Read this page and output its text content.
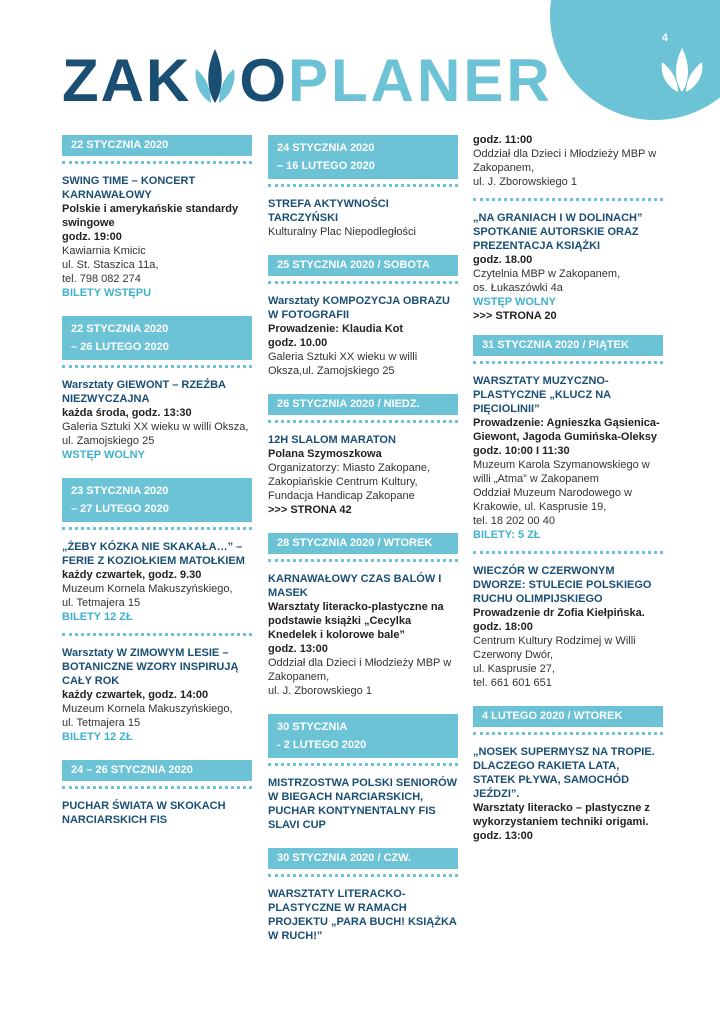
4
ZAK OPLANER
22 STYCZNIA 2020
SWING TIME – KONCERT KARNAWAŁOWY
Polskie i amerykańskie standardy swingowe
godz. 19:00
Kawiarnia Kmicic
ul. St. Staszica 11a,
tel. 798 082 274
BILETY WSTĘPU
22 STYCZNIA 2020
– 26 LUTEGO 2020
Warsztaty GIEWONT – RZEŹBA NIEZWYCZAJNA
każda środa, godz. 13:30
Galeria Sztuki XX wieku w willi Oksza, ul. Zamojskiego 25
WSTĘP WOLNY
23 STYCZNIA 2020
– 27 LUTEGO 2020
„ŻEBY KÓZKA NIE SKAKAŁA…” – FERIE Z KOZIOŁKIEM MATOŁKIEM
każdy czwartek, godz. 9.30
Muzeum Kornela Makuszyńskiego,
ul. Tetmajera 15
BILETY 12 ZŁ
Warsztaty W ZIMOWYM LESIE – BOTANICZNE WZORY INSPIRUJĄ CAŁY ROK
każdy czwartek, godz. 14:00
Muzeum Kornela Makuszyńskiego,
ul. Tetmajera 15
BILETY 12 ZŁ
24 – 26 STYCZNIA 2020
PUCHAR ŚWIATA W SKOKACH NARCIARSKICH FIS
24 STYCZNIA 2020
– 16 LUTEGO 2020
STREFA AKTYWNOŚCI TARCZYŃSKI
Kulturalny Plac Niepodległości
25 STYCZNIA 2020 / SOBOTA
Warsztaty KOMPOZYCJA OBRAZU W FOTOGRAFII
Prowadzenie: Klaudia Kot
godz. 10.00
Galeria Sztuki XX wieku w willi Oksza,ul. Zamojskiego 25
26 STYCZNIA 2020 / NIEDZ.
12H SLALOM MARATON
Polana Szymoszkowa
Organizatorzy: Miasto Zakopane, Zakopiańskie Centrum Kultury, Fundacja Handicap Zakopane
>>> STRONA 42
28 STYCZNIA 2020 / WTOREK
KARNAWAŁOWY CZAS BALÓW I MASEK
Warsztaty literacko-plastyczne na podstawie książki „Cecylka Knedelek i kolorowe bale”
godz. 13:00
Oddział dla Dzieci i Młodzieży MBP w Zakopanem,
ul. J. Zborowskiego 1
30 STYCZNIA
- 2 LUTEGO 2020
MISTRZOSTWA POLSKI SENIORÓW W BIEGACH NARCIARSKICH, PUCHAR KONTYNENTALNY FIS SLAVI CUP
30 STYCZNIA 2020 / CZW.
WARSZTATY LITERACKO-PLASTYCZNE W RAMACH PROJEKTU „PARA BUCH! KSIĄŻKA W RUCH!”
godz. 11:00
Oddział dla Dzieci i Młodzieży MBP w Zakopanem,
ul. J. Zborowskiego 1
„NA GRANIACH I W DOLINACH” SPOTKANIE AUTORSKIE ORAZ PREZENTACJA KSIĄŻKI
godz. 18.00
Czytelnia MBP w Zakopanem,
os. Łukaszówki 4a
WSTĘP WOLNY
>>> STRONA 20
31 STYCZNIA 2020 / PIĄTEK
WARSZTATY MUZYCZNO-PLASTYCZNE „KLUCZ NA PIĘCIOLINII”
Prowadzenie: Agnieszka Gąsienica-Giewont, Jagoda Gumińska-Oleksy
godz. 10:00 I 11:30
Muzeum Karola Szymanowskiego w willi „Atma” w Zakopanem
Oddział Muzeum Narodowego w Krakowie, ul. Kasprusie 19,
tel. 18 202 00 40
BILETY: 5 ZŁ
WIECZÓR W CZERWONYM DWORZE: STULECIE POLSKIEGO RUCHU OLIMPIJSKIEGO
Prowadzenie dr Zofia Kiełpińska.
godz. 18:00
Centrum Kultury Rodzimej w Willi Czerwony Dwór,
ul. Kasprusie 27,
tel. 661 601 651
4 LUTEGO 2020 / WTOREK
„NOSEK SUPERMYSZ NA TROPIE. DLACZEGO RAKIETA LATA, STATEK PŁYWA, SAMOCHÓD JEŹDZI”.
Warsztaty literacko – plastyczne z wykorzystaniem techniki origami.
godz. 13:00
